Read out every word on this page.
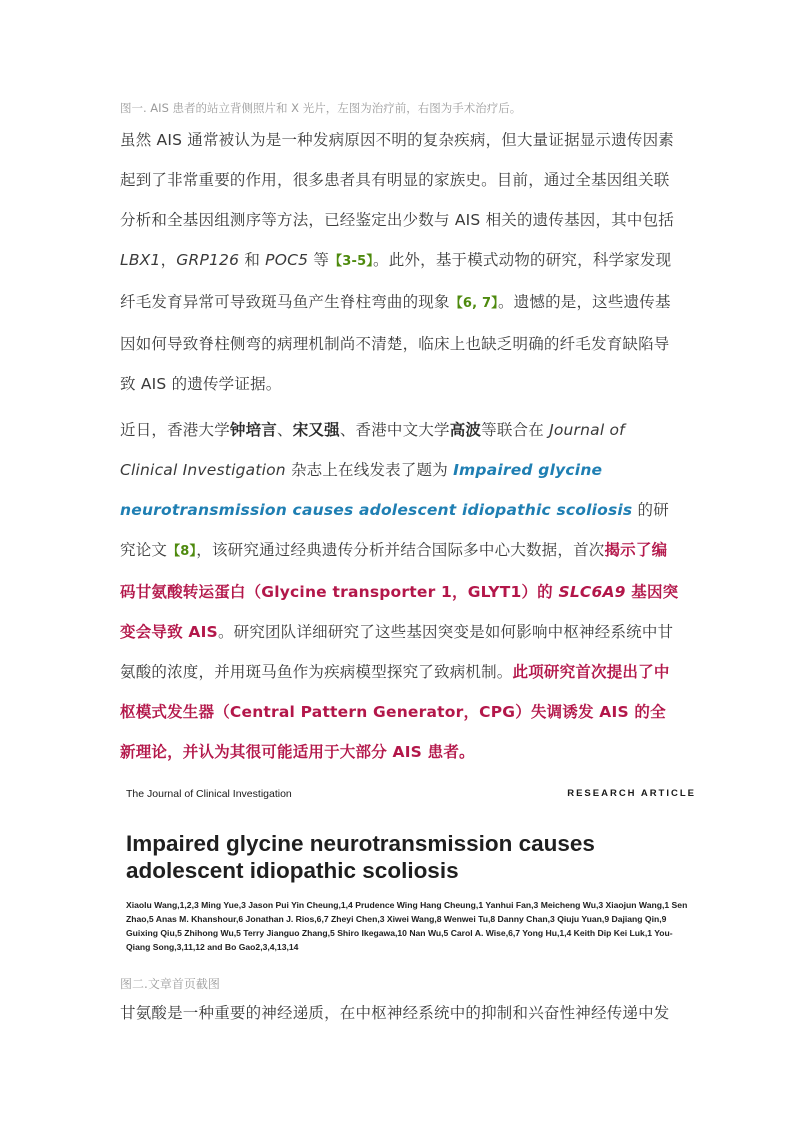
图一. AIS 患者的站立背侧照片和 X 光片，左图为治疗前，右图为手术治疗后。
虽然 AIS 通常被认为是一种发病原因不明的复杂疾病，但大量证据显示遗传因素起到了非常重要的作用，很多患者具有明显的家族史。目前，通过全基因组关联分析和全基因组测序等方法，已经鉴定出少数与 AIS 相关的遗传基因，其中包括
LBX1，GRP126 和 POC5 等【3-5】。此外，基于模式动物的研究，科学家发现纤毛发育异常可导致斑马鱼产生脊柱弯曲的现象【6, 7】。遗憾的是，这些遗传基因如何导致脊柱侧弯的病理机制尚不清楚，临床上也缺乏明确的纤毛发育缺陷导致 AIS 的遗传学证据。
近日，香港大学钟培言、宋又强、香港中文大学高波等联合在 Journal of Clinical Investigation 杂志上在线发表了题为 Impaired glycine neurotransmission causes adolescent idiopathic scoliosis 的研究论文【8】，该研究通过经典遗传分析并结合国际多中心大数据，首次揭示了编码甘氨酸转运蛋白（Glycine transporter 1，GLYT1）的 SLC6A9 基因突变会导致 AIS。研究团队详细研究了这些基因突变是如何影响中枢神经系统中甘氨酸的浓度，并用斑马鱼作为疾病模型探究了致病机制。此项研究首次提出了中枢模式发生器（Central Pattern Generator，CPG）失调诱发 AIS 的全新理论，并认为其很可能适用于大部分 AIS 患者。
The Journal of Clinical Investigation	RESEARCH ARTICLE
Impaired glycine neurotransmission causes adolescent idiopathic scoliosis
Xiaolu Wang,1,2,3 Ming Yue,3 Jason Pui Yin Cheung,1,4 Prudence Wing Hang Cheung,1 Yanhui Fan,3 Meicheng Wu,3 Xiaojun Wang,1 Sen Zhao,5 Anas M. Khanshour,6 Jonathan J. Rios,6,7 Zheyi Chen,3 Xiwei Wang,8 Wenwei Tu,8 Danny Chan,3 Qiuju Yuan,9 Dajiang Qin,9 Guixing Qiu,5 Zhihong Wu,5 Terry Jianguo Zhang,5 Shiro Ikegawa,10 Nan Wu,5 Carol A. Wise,6,7 Yong Hu,1,4 Keith Dip Kei Luk,1 You-Qiang Song,3,11,12 and Bo Gao2,3,4,13,14
图二.文章首页截图
甘氨酸是一种重要的神经递质，在中枢神经系统中的抑制和兴奋性神经传递中发
